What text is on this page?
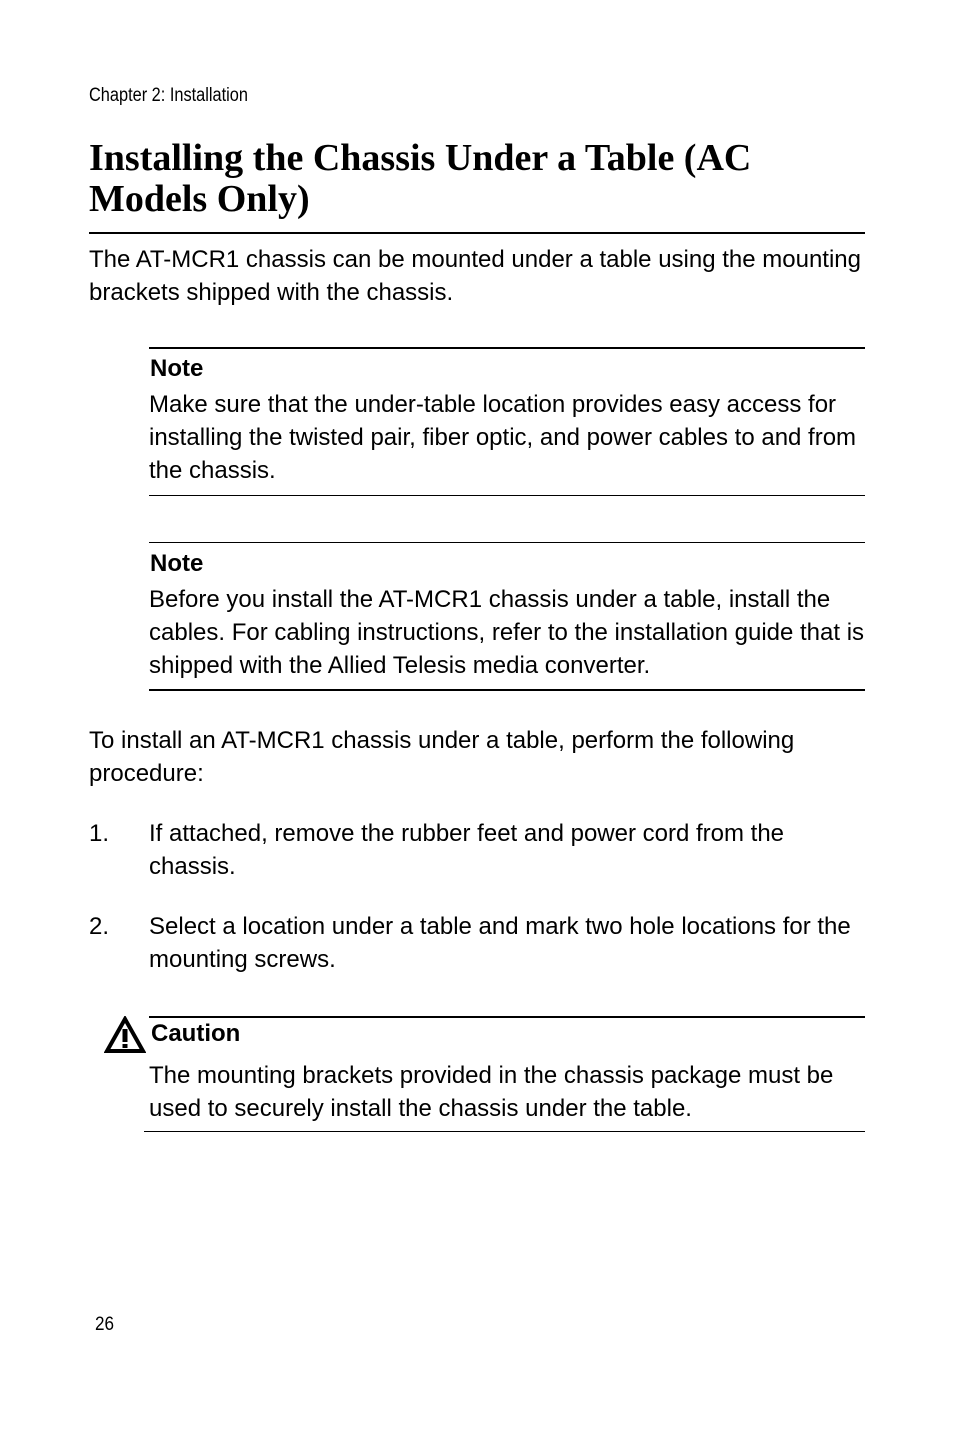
Chapter 2: Installation
Installing the Chassis Under a Table (AC Models Only)

The AT-MCR1 chassis can be mounted under a table using the mounting brackets shipped with the chassis.

Note

Make sure that the under-table location provides easy access for installing the twisted pair, fiber optic, and power cables to and from the chassis.

Note

Before you install the AT-MCR1 chassis under a table, install the cables. For cabling instructions, refer to the installation guide that is shipped with the Allied Telesis media converter.

To install an AT-MCR1 chassis under a table, perform the following procedure:

1. If attached, remove the rubber feet and power cord from the chassis.

2. Select a location under a table and mark two hole locations for the mounting screws.

Caution

The mounting brackets provided in the chassis package must be used to securely install the chassis under the table.

26
